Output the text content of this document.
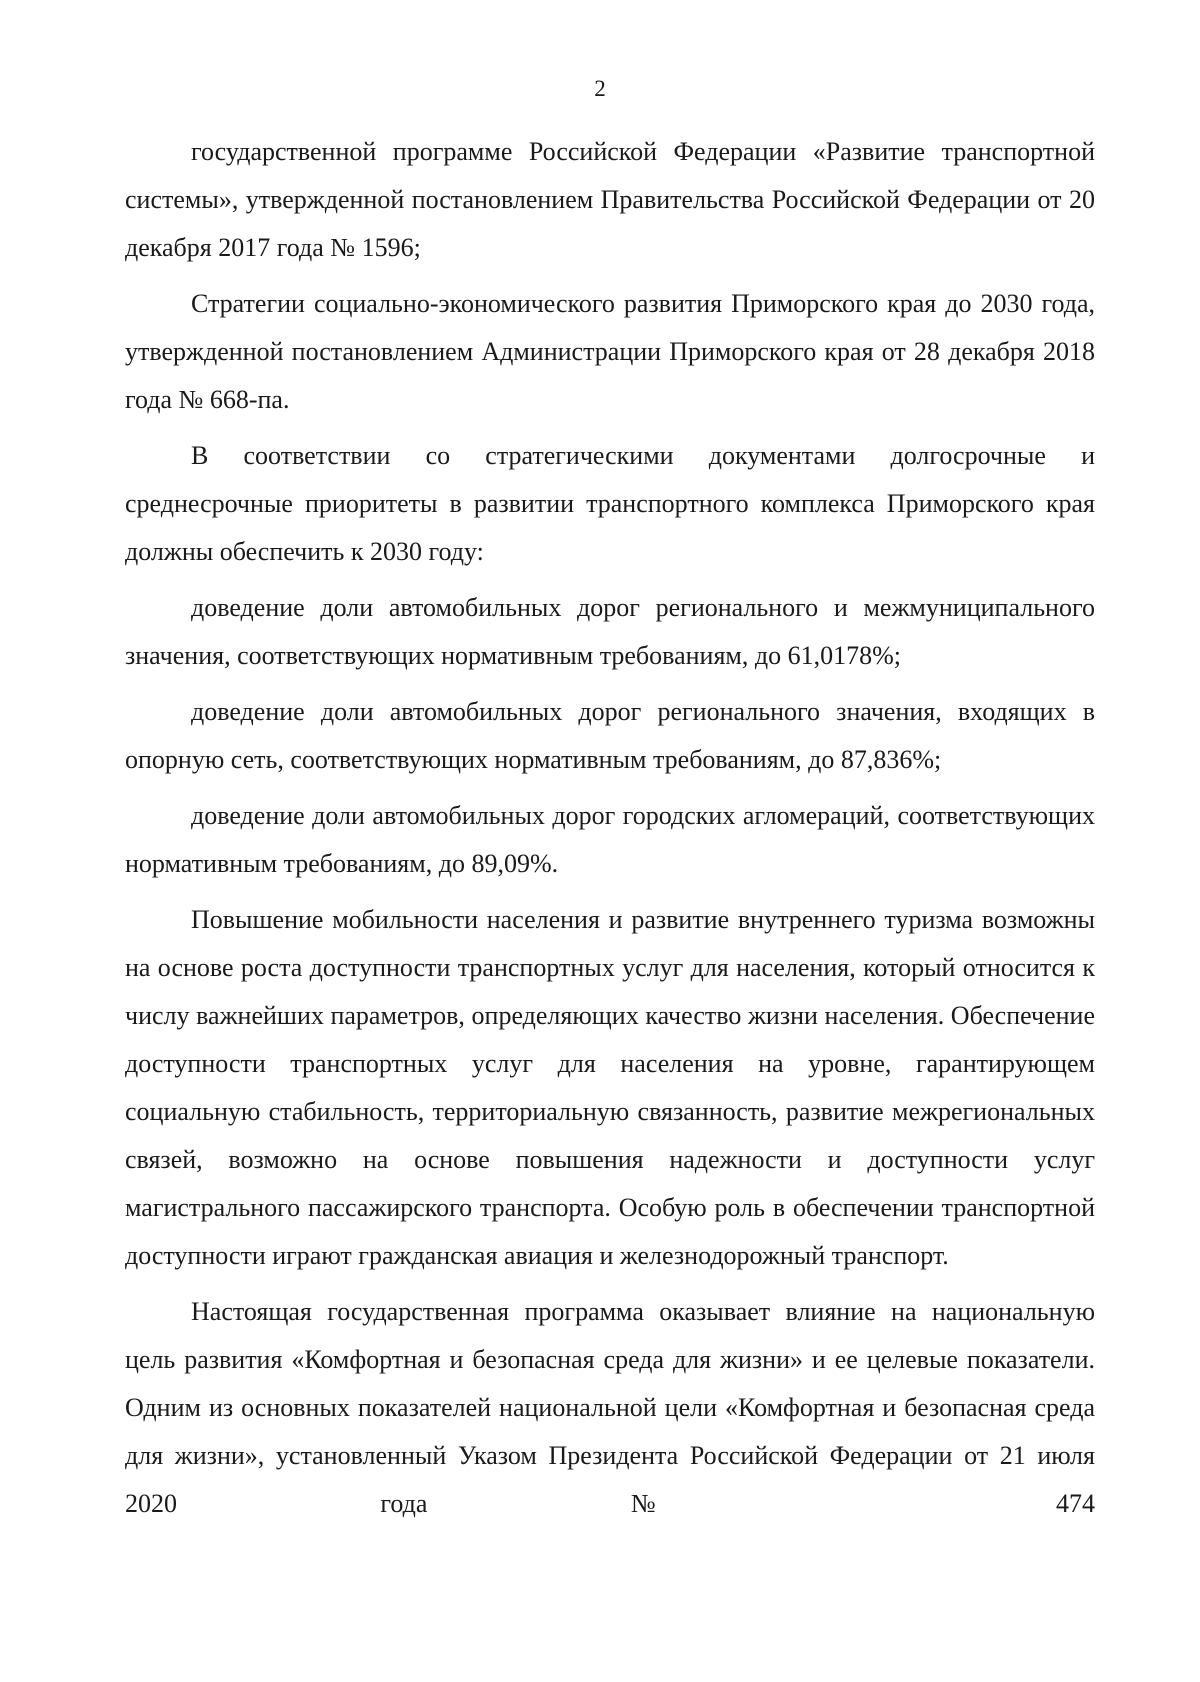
2

государственной программе Российской Федерации «Развитие транспортной системы», утвержденной постановлением Правительства Российской Федерации от 20 декабря 2017 года № 1596;

Стратегии социально-экономического развития Приморского края до 2030 года, утвержденной постановлением Администрации Приморского края от 28 декабря 2018 года № 668-па.

В соответствии со стратегическими документами долгосрочные и среднесрочные приоритеты в развитии транспортного комплекса Приморского края должны обеспечить к 2030 году:

доведение доли автомобильных дорог регионального и межмуниципального значения, соответствующих нормативным требованиям, до 61,0178%;

доведение доли автомобильных дорог регионального значения, входящих в опорную сеть, соответствующих нормативным требованиям, до 87,836%;

доведение доли автомобильных дорог городских агломераций, соответствующих нормативным требованиям, до 89,09%.

Повышение мобильности населения и развитие внутреннего туризма возможны на основе роста доступности транспортных услуг для населения, который относится к числу важнейших параметров, определяющих качество жизни населения. Обеспечение доступности транспортных услуг для населения на уровне, гарантирующем социальную стабильность, территориальную связанность, развитие межрегиональных связей, возможно на основе повышения надежности и доступности услуг магистрального пассажирского транспорта. Особую роль в обеспечении транспортной доступности играют гражданская авиация и железнодорожный транспорт.

Настоящая государственная программа оказывает влияние на национальную цель развития «Комфортная и безопасная среда для жизни» и ее целевые показатели. Одним из основных показателей национальной цели «Комфортная и безопасная среда для жизни», установленный Указом Президента Российской Федерации от 21 июля 2020 года № 474
